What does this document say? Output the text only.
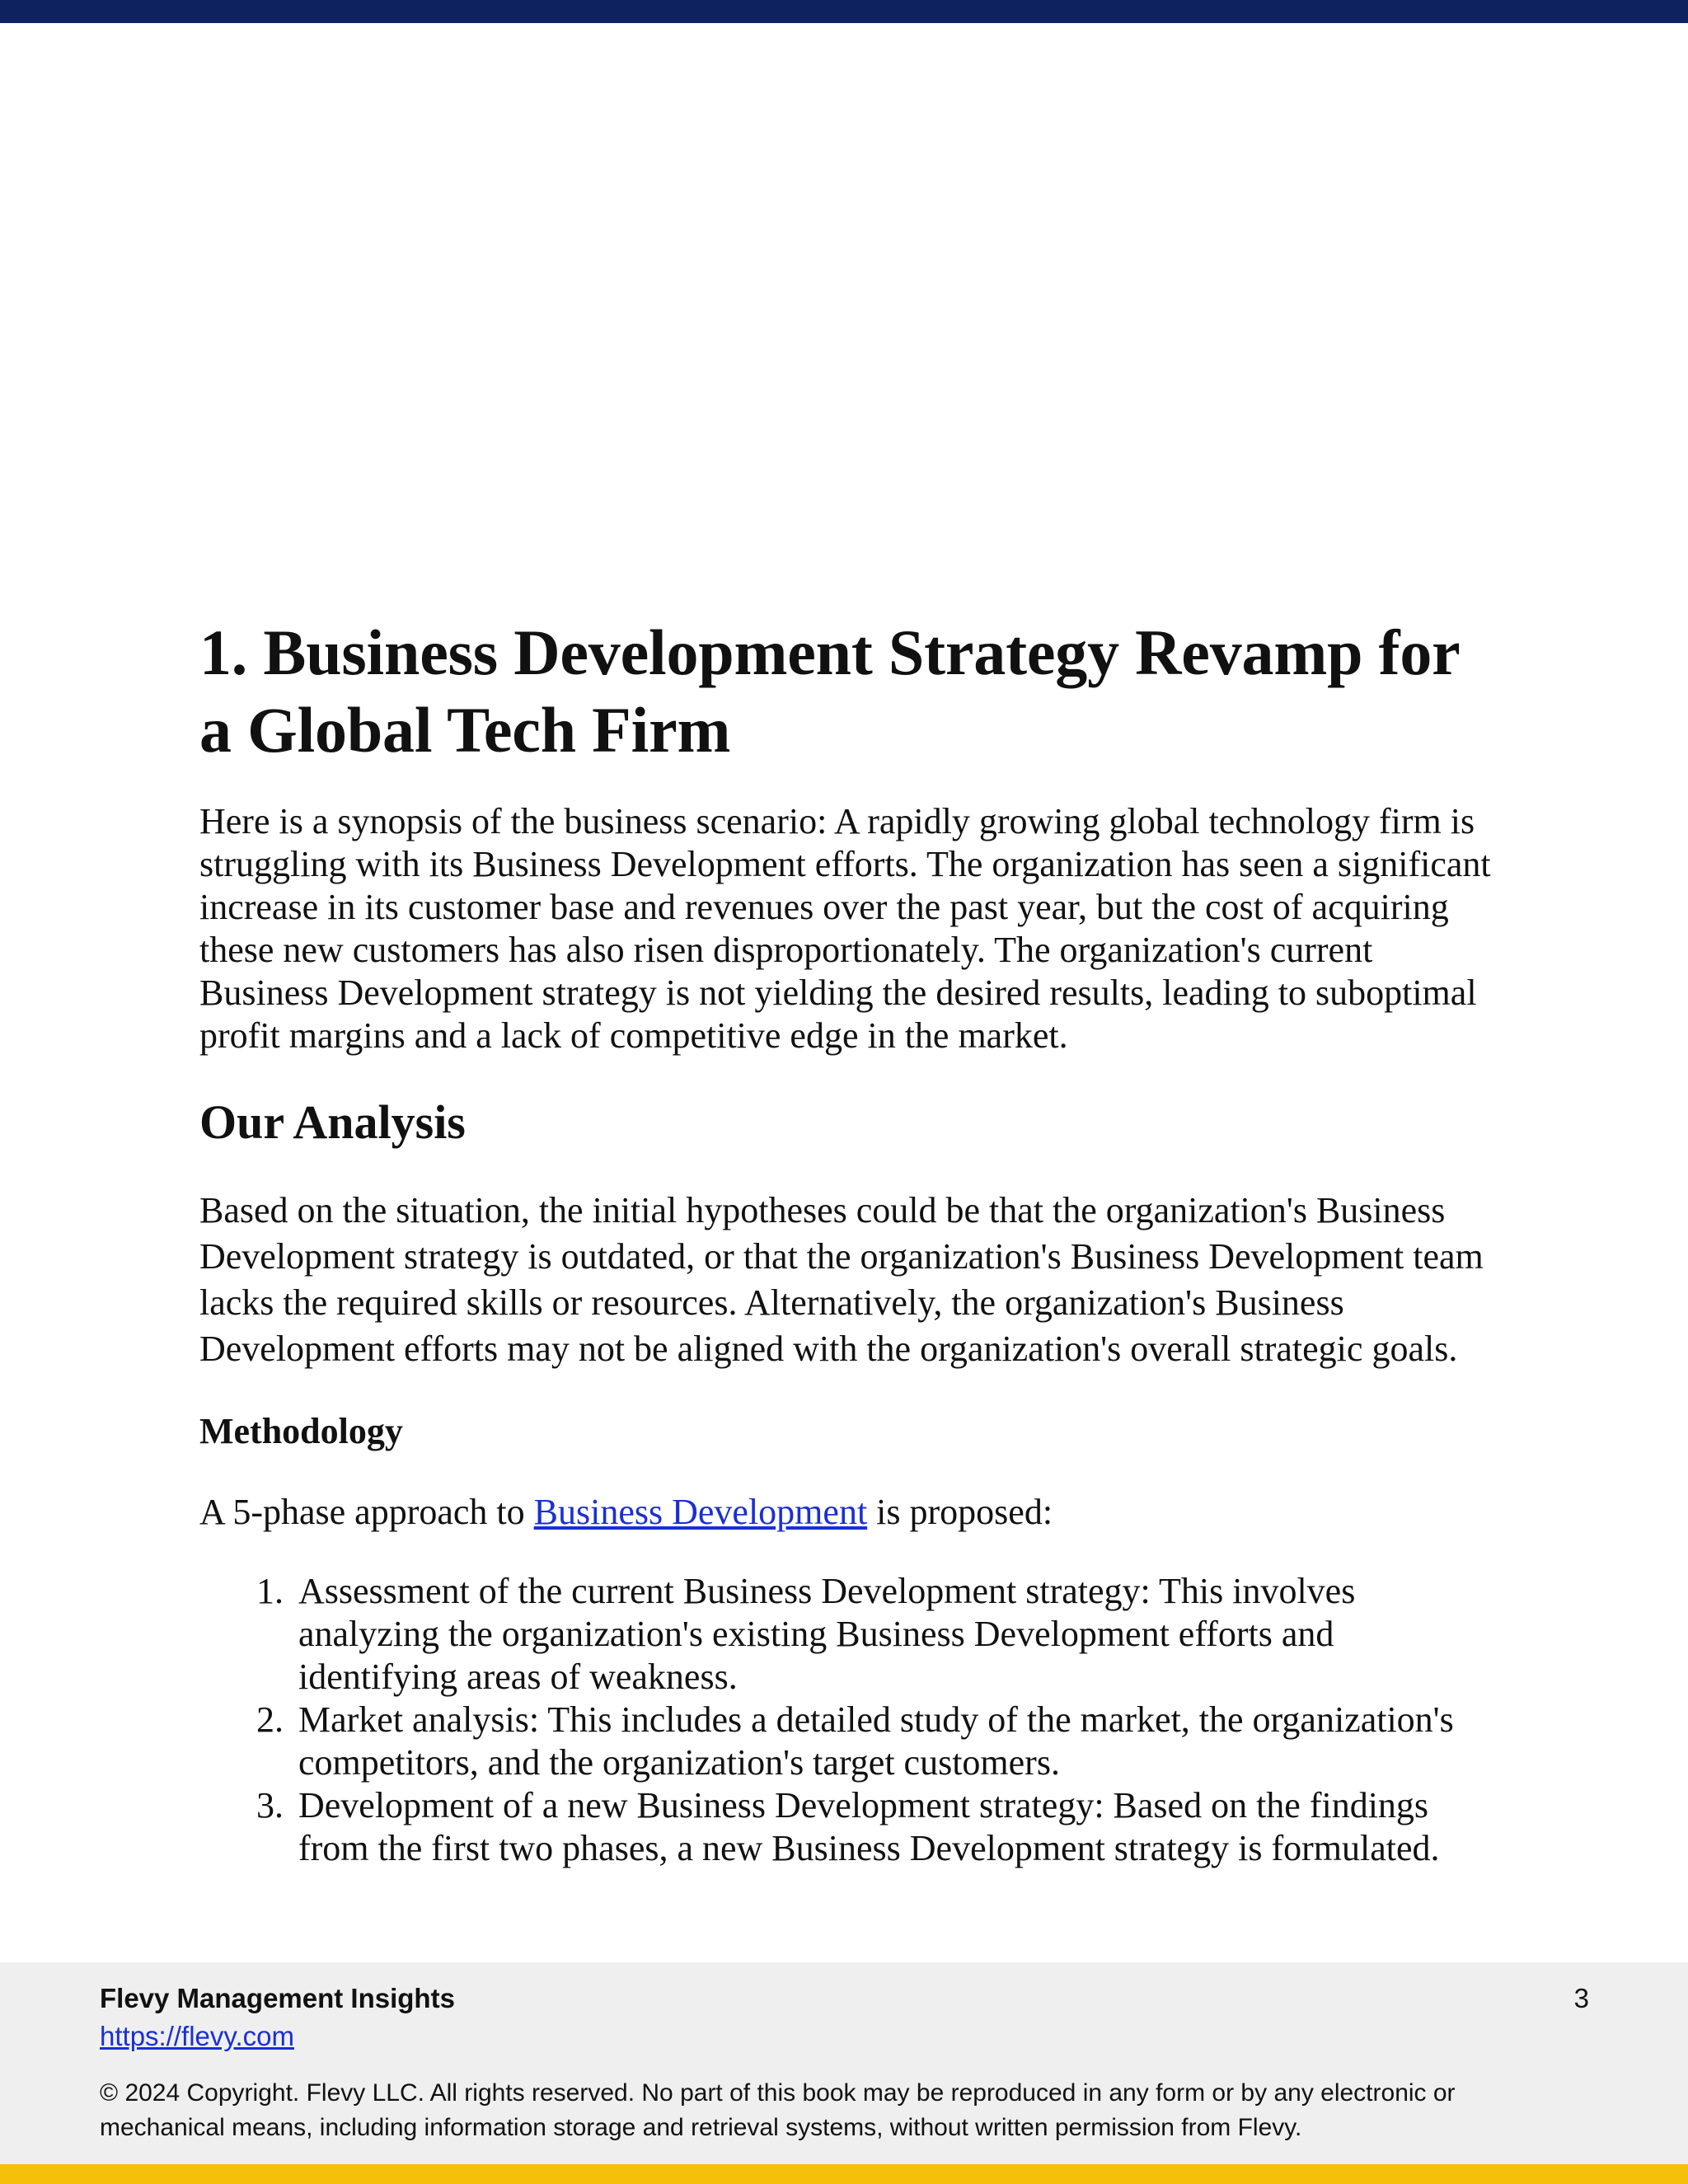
1. Business Development Strategy Revamp for a Global Tech Firm

Here is a synopsis of the business scenario: A rapidly growing global technology firm is struggling with its Business Development efforts. The organization has seen a significant increase in its customer base and revenues over the past year, but the cost of acquiring these new customers has also risen disproportionately. The organization's current Business Development strategy is not yielding the desired results, leading to suboptimal profit margins and a lack of competitive edge in the market.

Our Analysis

Based on the situation, the initial hypotheses could be that the organization's Business Development strategy is outdated, or that the organization's Business Development team lacks the required skills or resources. Alternatively, the organization's Business Development efforts may not be aligned with the organization's overall strategic goals.

Methodology

A 5-phase approach to Business Development is proposed:

1. Assessment of the current Business Development strategy: This involves analyzing the organization's existing Business Development efforts and identifying areas of weakness.
2. Market analysis: This includes a detailed study of the market, the organization's competitors, and the organization's target customers.
3. Development of a new Business Development strategy: Based on the findings from the first two phases, a new Business Development strategy is formulated.
Flevy Management Insights
https://flevy.com
3
© 2024 Copyright. Flevy LLC. All rights reserved. No part of this book may be reproduced in any form or by any electronic or mechanical means, including information storage and retrieval systems, without written permission from Flevy.
